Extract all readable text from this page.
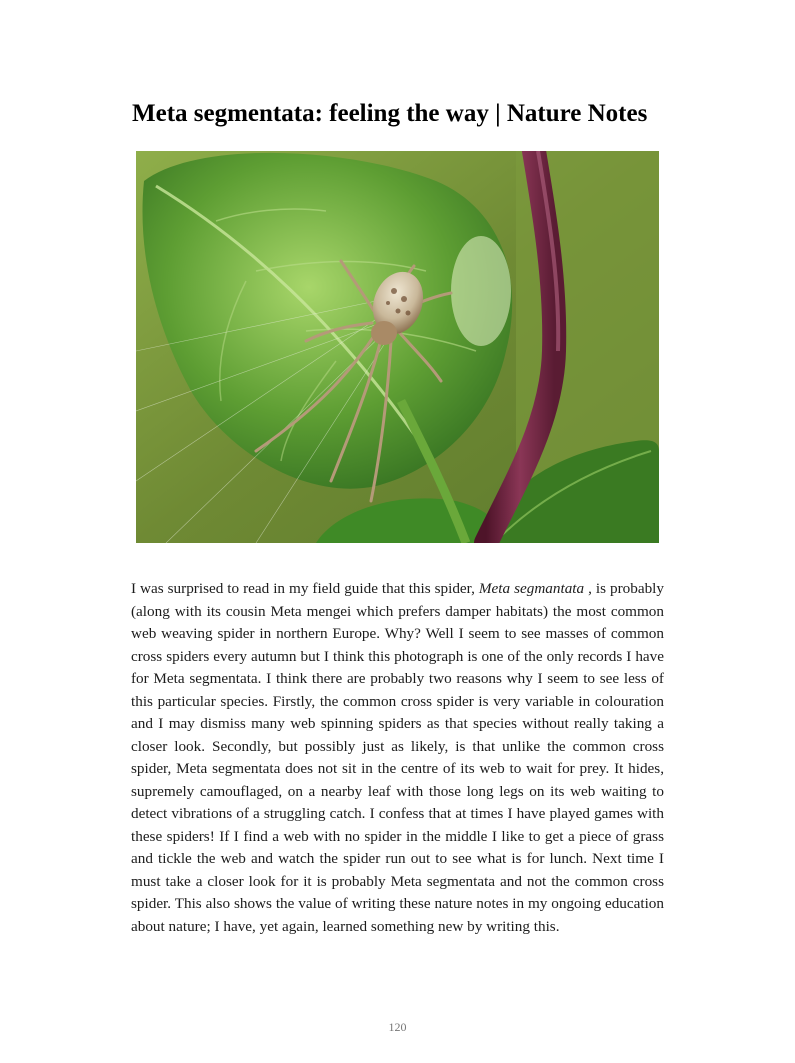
Meta segmentata: feeling the way | Nature Notes

I was surprised to read in my field guide that this spider, Meta segmantata , is probably (along with its cousin Meta mengei which prefers damper habitats) the most common web weaving spider in northern Europe. Why? Well I seem to see masses of common cross spiders every autumn but I think this photograph is one of the only records I have for Meta segmentata. I think there are probably two reasons why I seem to see less of this particular species. Firstly, the common cross spider is very variable in colouration and I may dismiss many web spinning spiders as that species without really taking a closer look. Secondly, but possibly just as likely, is that unlike the common cross spider, Meta segmentata does not sit in the centre of its web to wait for prey. It hides, supremely camouflaged, on a nearby leaf with those long legs on its web waiting to detect vibrations of a struggling catch. I confess that at times I have played games with these spiders! If I find a web with no spider in the middle I like to get a piece of grass and tickle the web and watch the spider run out to see what is for lunch. Next time I must take a closer look for it is probably Meta segmentata and not the common cross spider. This also shows the value of writing these nature notes in my ongoing education about nature; I have, yet again, learned something new by writing this.

120
